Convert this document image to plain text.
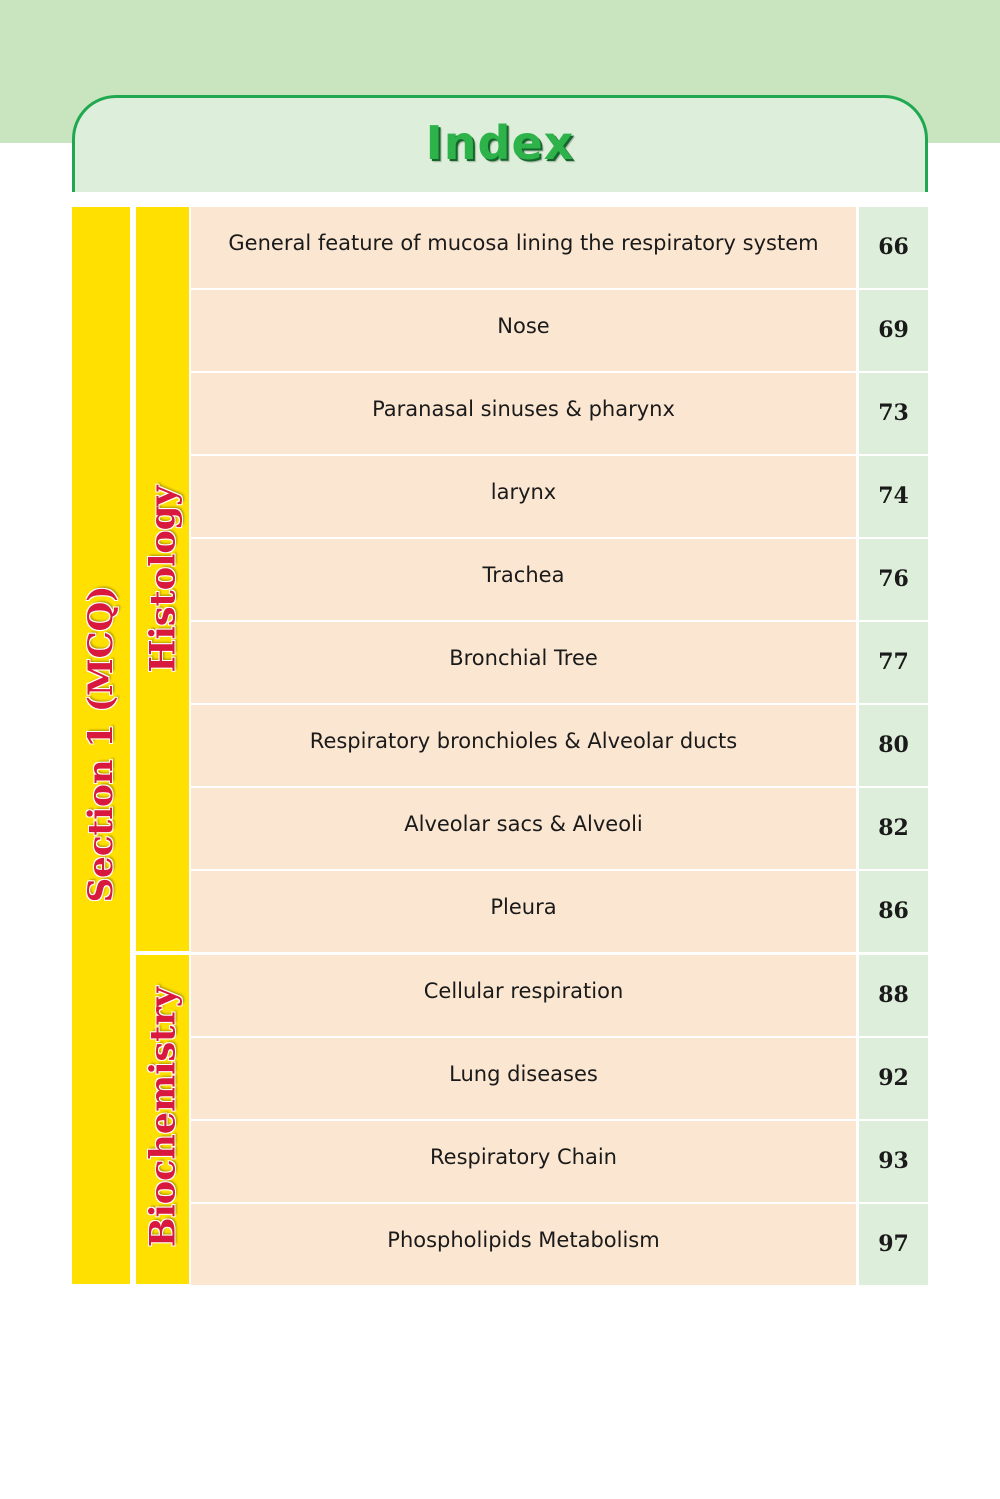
Index
Section 1 (MCQ)
Histology
Biochemistry
General feature of mucosa lining the respiratory system	66
Nose	69
Paranasal sinuses & pharynx	73
larynx	74
Trachea	76
Bronchial Tree	77
Respiratory bronchioles & Alveolar ducts	80
Alveolar sacs & Alveoli	82
Pleura	86
Cellular respiration	88
Lung diseases	92
Respiratory Chain	93
Phospholipids Metabolism	97
